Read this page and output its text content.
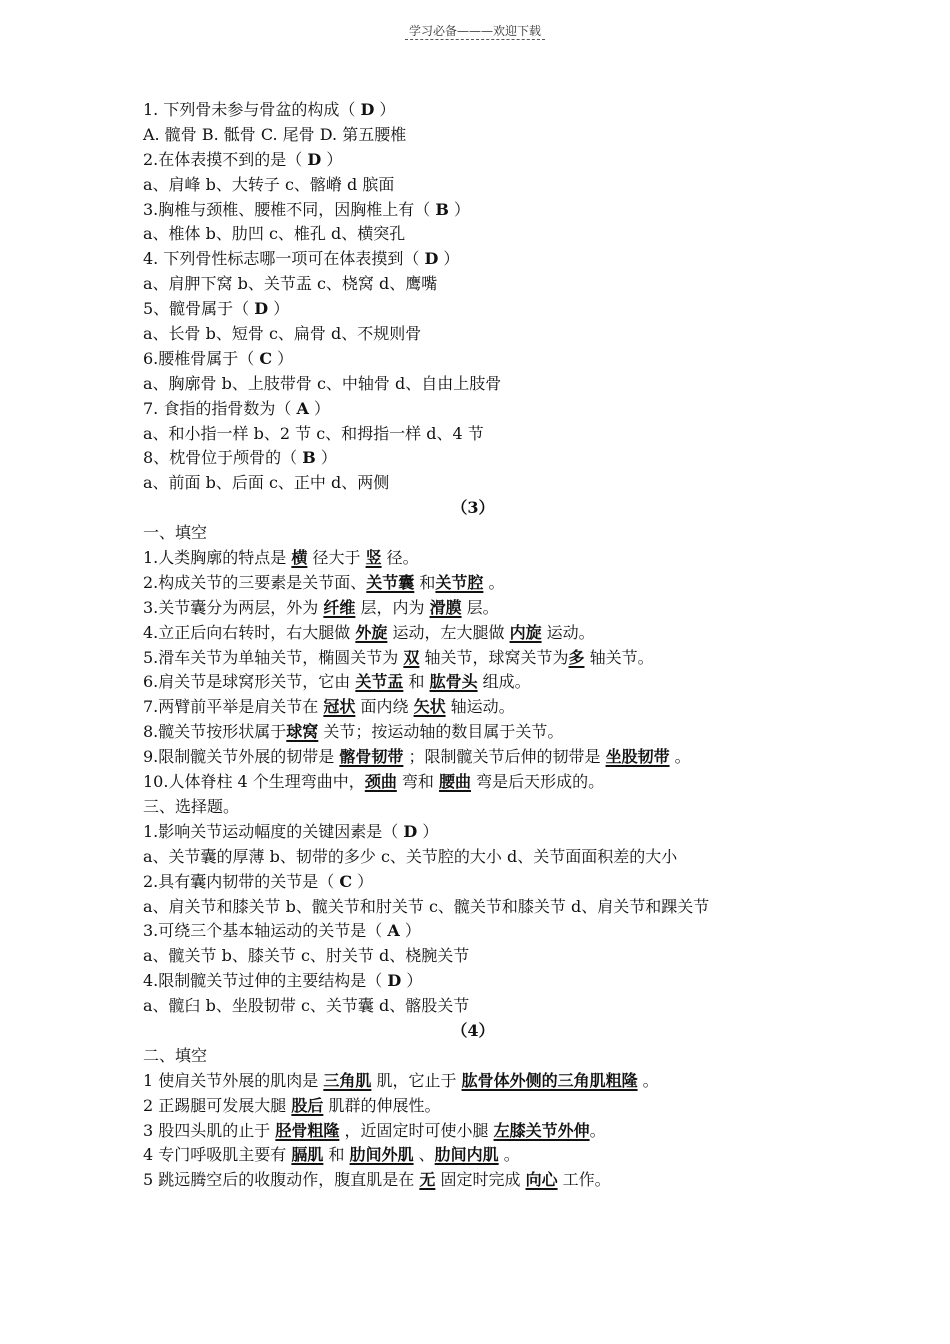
学习必备———欢迎下载
1. 下列骨未参与骨盆的构成（ D ）
A. 髋骨 B. 骶骨 C. 尾骨 D. 第五腰椎
2.在体表摸不到的是（ D ）
a、肩峰 b、大转子 c、髂嵴 d 膑面
3.胸椎与颈椎、腰椎不同，因胸椎上有（ B ）
a、椎体 b、肋凹 c、椎孔 d、横突孔
4. 下列骨性标志哪一项可在体表摸到（ D ）
a、肩胛下窝 b、关节盂 c、桡窝 d、鹰嘴
5、髋骨属于（ D ）
a、长骨 b、短骨 c、扁骨 d、不规则骨
6.腰椎骨属于（ C ）
a、胸廓骨 b、上肢带骨 c、中轴骨 d、自由上肢骨
7. 食指的指骨数为（ A ）
a、和小指一样 b、2 节 c、和拇指一样 d、4 节
8、枕骨位于颅骨的（ B ）
a、前面 b、后面 c、正中 d、两侧
（3）
一、填空
1.人类胸廓的特点是 横 径大于 竖 径。
2.构成关节的三要素是关节面、关节囊 和关节腔 。
3.关节囊分为两层，外为 纤维 层，内为 滑膜 层。
4.立正后向右转时，右大腿做 外旋 运动，左大腿做 内旋 运动。
5.滑车关节为单轴关节，椭圆关节为 双 轴关节，球窝关节为多 轴关节。
6.肩关节是球窝形关节，它由 关节盂 和 肱骨头 组成。
7.两臂前平举是肩关节在 冠状 面内绕 矢状 轴运动。
8.髋关节按形状属于球窝 关节；按运动轴的数目属于关节。
9.限制髋关节外展的韧带是 髂骨韧带 ；限制髋关节后伸的韧带是 坐股韧带 。
10.人体脊柱 4 个生理弯曲中，颈曲 弯和 腰曲 弯是后天形成的。
三、选择题。
1.影响关节运动幅度的关键因素是（ D ）
a、关节囊的厚薄 b、韧带的多少 c、关节腔的大小 d、关节面面积差的大小
2.具有囊内韧带的关节是（ C ）
a、肩关节和膝关节 b、髋关节和肘关节 c、髋关节和膝关节 d、肩关节和踝关节
3.可绕三个基本轴运动的关节是（ A ）
a、髋关节 b、膝关节 c、肘关节 d、桡腕关节
4.限制髋关节过伸的主要结构是（ D ）
a、髋臼 b、坐股韧带 c、关节囊 d、髂股关节
（4）
二、填空
1 使肩关节外展的肌肉是 三角肌 肌，它止于 肱骨体外侧的三角肌粗隆 。
2 正踢腿可发展大腿 股后 肌群的伸展性。
3 股四头肌的止于 胫骨粗隆 ，近固定时可使小腿 左膝关节外伸。
4 专门呼吸肌主要有 膈肌 和 肋间外肌 、肋间内肌 。
5 跳远腾空后的收腹动作，腹直肌是在 无 固定时完成 向心 工作。
